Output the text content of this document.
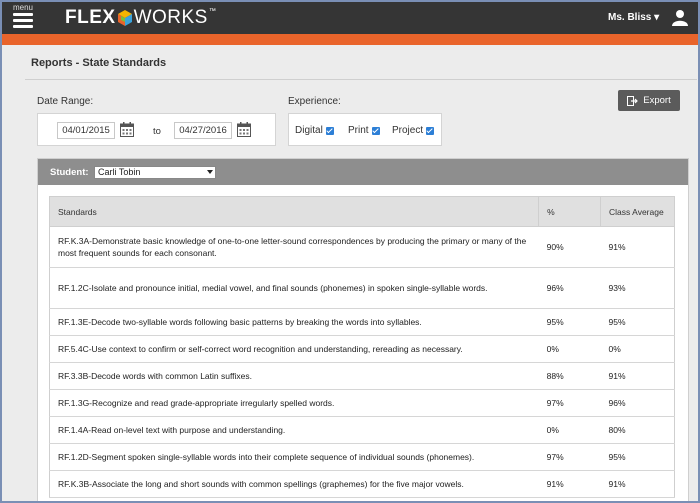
menu FLEX WORKS ™
Ms. Bliss ▾
Reports - State Standards
Date Range:
04/01/2015	to	04/27/2016
Experience:
Digital	Print Project
Export
Student:	Carli Tobin
Standards	%	Class Average
RF.K.3A-Demonstrate basic knowledge of one-to-one letter-sound correspondences by producing the primary or many of the most frequent sounds for each consonant.	90%	91%
RF.1.2C-Isolate and pronounce initial, medial vowel, and final sounds (phonemes) in spoken single-syllable words.	96%	93%
RF.1.3E-Decode two-syllable words following basic patterns by breaking the words into syllables.	95%	95%
RF.5.4C-Use context to confirm or self-correct word recognition and understanding, rereading as necessary.	0%	0%
RF.3.3B-Decode words with common Latin suffixes.	88%	91%
RF.1.3G-Recognize and read grade-appropriate irregularly spelled words.	97%	96%
RF.1.4A-Read on-level text with purpose and understanding.	0%	80%
RF.1.2D-Segment spoken single-syllable words into their complete sequence of individual sounds (phonemes).	97%	95%
RF.K.3B-Associate the long and short sounds with common spellings (graphemes) for the five major vowels.	91%	91%
